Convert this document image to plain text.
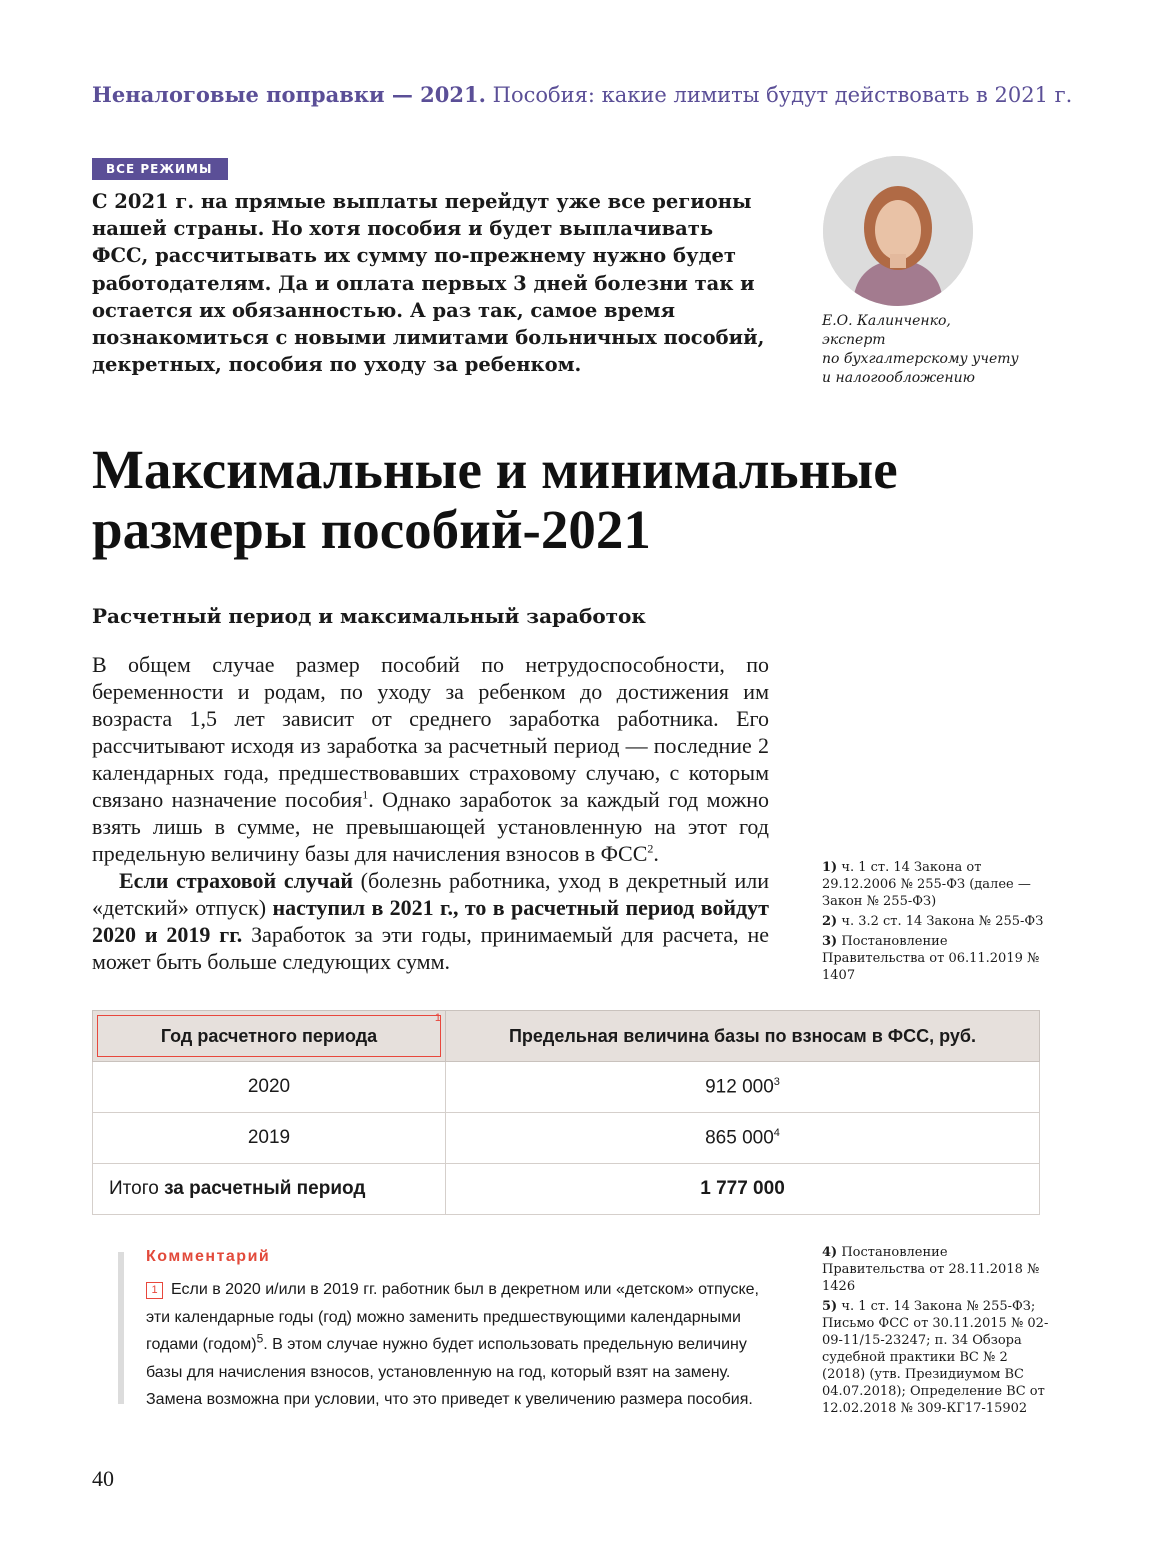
Неналоговые поправки — 2021. Пособия: какие лимиты будут действовать в 2021 г.
ВСЕ РЕЖИМЫ
С 2021 г. на прямые выплаты перейдут уже все регионы нашей страны. Но хотя пособия и будет выплачивать ФСС, рассчитывать их сумму по-прежнему нужно будет работодателям. Да и оплата первых 3 дней болезни так и остается их обязанностью. А раз так, самое время познакомиться с новыми лимитами больничных пособий, декретных, пособия по уходу за ребенком.
Е.О. Калинченко,
эксперт
по бухгалтерскому учету
и налогообложению
Максимальные и минимальные размеры пособий-2021
Расчетный период и максимальный заработок
В общем случае размер пособий по нетрудоспособности, по беременности и родам, по уходу за ребенком до достижения им возраста 1,5 лет зависит от среднего заработка работника. Его рассчитывают исходя из заработка за расчетный период — последние 2 календарных года, предшествовавших страховому случаю, с которым связано назначение пособия$^1$. Однако заработок за каждый год можно взять лишь в сумме, не превышающей установленную на этот год предельную величину базы для начисления взносов в ФСС$^2$.
Если страховой случай (болезнь работника, уход в декретный или «детский» отпуск) наступил в 2021 г., то в расчетный период войдут 2020 и 2019 гг. Заработок за эти годы, принимаемый для расчета, не может быть больше следующих сумм.
1) ч. 1 ст. 14 Закона от 29.12.2006 № 255-ФЗ (далее — Закон № 255-ФЗ)
2) ч. 3.2 ст. 14 Закона № 255-ФЗ
3) Постановление Правительства от 06.11.2019 № 1407
1
Год расчетного периода	Предельная величина базы по взносам в ФСС, руб.
2020	912 $000^3$
2019	865 $000^4$
Итого за расчетный период	1 777 000
Комментарий
1 Если в 2020 и/или в 2019 гг. работник был в декретном или «детском» отпуске, эти календарные годы (год) можно заменить предшествующими календарными годами (годом)$^5$. В этом случае нужно будет использовать предельную величину базы для начисления взносов, установленную на год, который взят на замену. Замена возможна при условии, что это приведет к увеличению размера пособия.
4) Постановление Правительства от 28.11.2018 № 1426
5) ч. 1 ст. 14 Закона № 255-ФЗ; Письмо ФСС от 30.11.2015 № 02-09-11/15-23247; п. 34 Обзора судебной практики ВС № 2 (2018) (утв. Президиумом ВС 04.07.2018); Определение ВС от 12.02.2018 № 309-КГ17-15902
40
